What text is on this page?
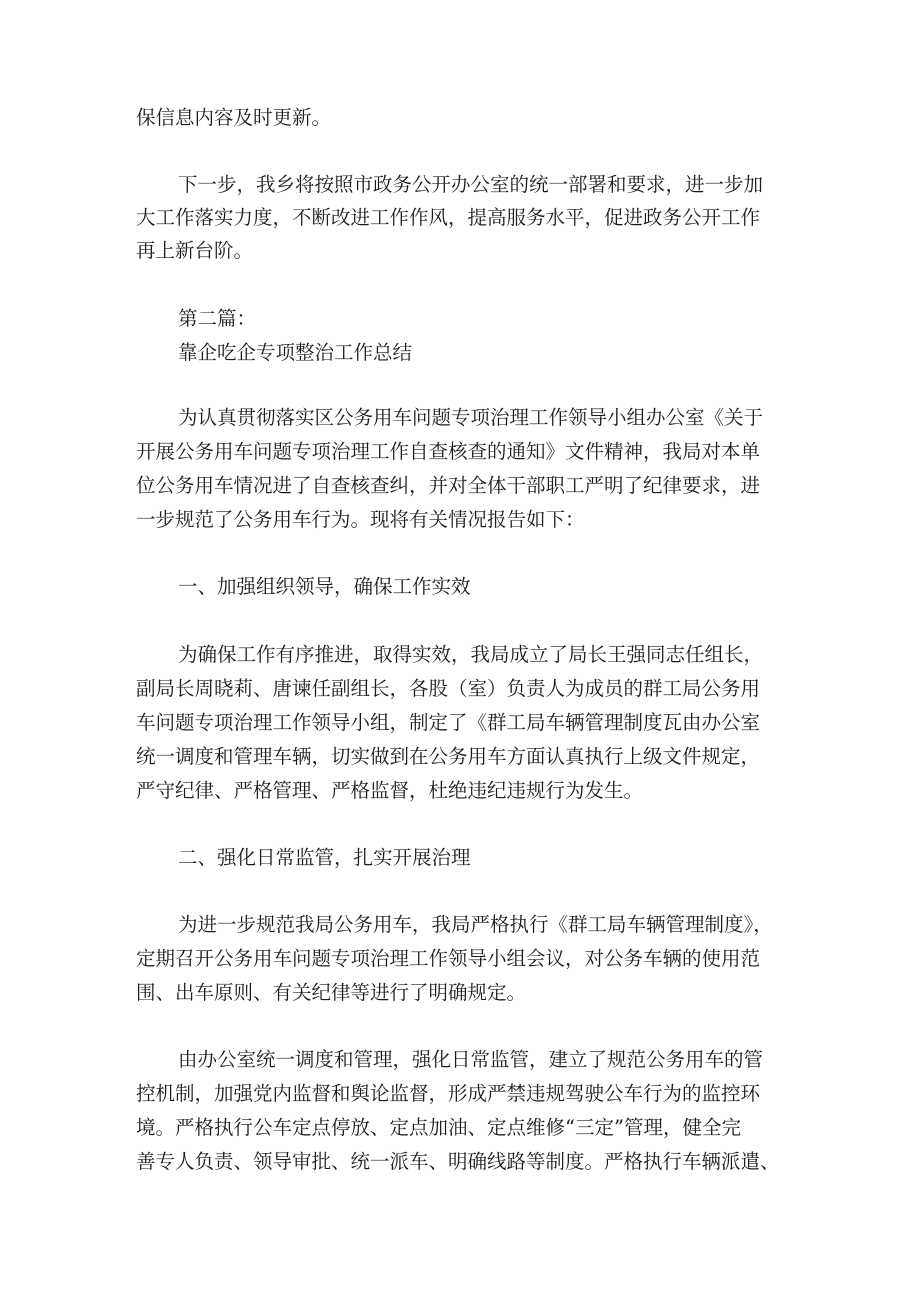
保信息内容及时更新。
下一步，我乡将按照市政务公开办公室的统一部署和要求，进一步加
大工作落实力度，不断改进工作作风，提高服务水平，促进政务公开工作
再上新台阶。
第二篇：
靠企吃企专项整治工作总结
为认真贯彻落实区公务用车问题专项治理工作领导小组办公室《关于
开展公务用车问题专项治理工作自查核查的通知》文件精神，我局对本单
位公务用车情况进了自查核查纠，并对全体干部职工严明了纪律要求，进
一步规范了公务用车行为。现将有关情况报告如下：
一、加强组织领导，确保工作实效
为确保工作有序推进，取得实效，我局成立了局长王强同志任组长，
副局长周晓莉、唐谏任副组长，各股（室）负责人为成员的群工局公务用
车问题专项治理工作领导小组，制定了《群工局车辆管理制度瓦由办公室
统一调度和管理车辆，切实做到在公务用车方面认真执行上级文件规定，
严守纪律、严格管理、严格监督，杜绝违纪违规行为发生。
二、强化日常监管，扎实开展治理
为进一步规范我局公务用车，我局严格执行《群工局车辆管理制度》，
定期召开公务用车问题专项治理工作领导小组会议，对公务车辆的使用范
围、出车原则、有关纪律等进行了明确规定。
由办公室统一调度和管理，强化日常监管，建立了规范公务用车的管
控机制，加强党内监督和舆论监督，形成严禁违规驾驶公车行为的监控环
境。严格执行公车定点停放、定点加油、定点维修“三定”管理，健全完
善专人负责、领导审批、统一派车、明确线路等制度。严格执行车辆派遣、
